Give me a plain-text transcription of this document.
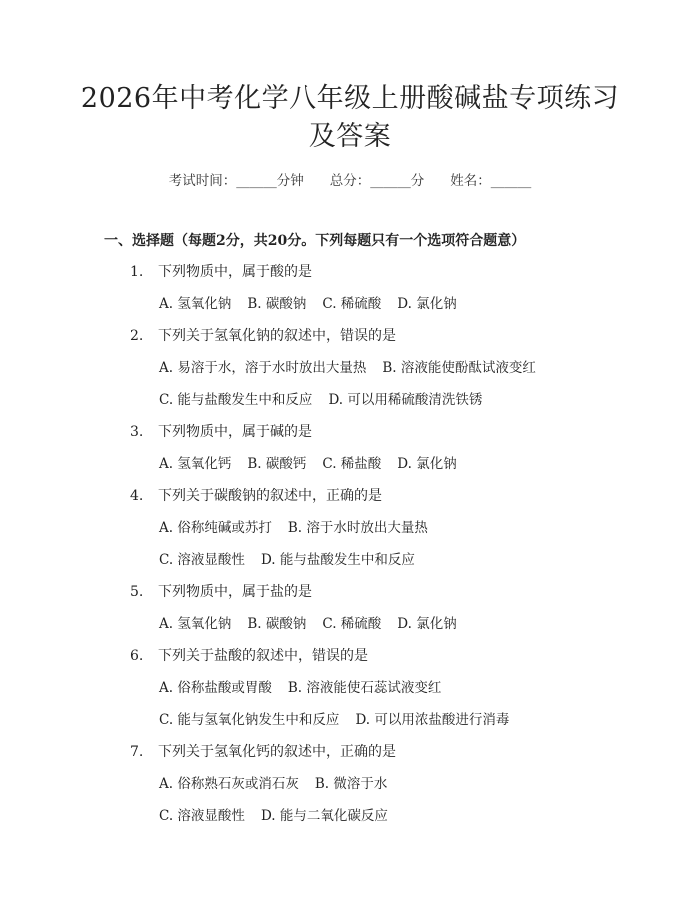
2026年中考化学八年级上册酸碱盐专项练习
及答案
考试时间：______分钟 总分：______分 姓名：______
一、选择题（每题2分，共20分。下列每题只有一个选项符合题意）
1. 下列物质中，属于酸的是
A. 氢氧化钠 B. 碳酸钠 C. 稀硫酸 D. 氯化钠
2. 下列关于氢氧化钠的叙述中，错误的是
A. 易溶于水，溶于水时放出大量热 B. 溶液能使酚酞试液变红
C. 能与盐酸发生中和反应 D. 可以用稀硫酸清洗铁锈
3. 下列物质中，属于碱的是
A. 氢氧化钙 B. 碳酸钙 C. 稀盐酸 D. 氯化钠
4. 下列关于碳酸钠的叙述中，正确的是
A. 俗称纯碱或苏打 B. 溶于水时放出大量热
C. 溶液显酸性 D. 能与盐酸发生中和反应
5. 下列物质中，属于盐的是
A. 氢氧化钠 B. 碳酸钠 C. 稀硫酸 D. 氯化钠
6. 下列关于盐酸的叙述中，错误的是
A. 俗称盐酸或胃酸 B. 溶液能使石蕊试液变红
C. 能与氢氧化钠发生中和反应 D. 可以用浓盐酸进行消毒
7. 下列关于氢氧化钙的叙述中，正确的是
A. 俗称熟石灰或消石灰 B. 微溶于水
C. 溶液显酸性 D. 能与二氧化碳反应
